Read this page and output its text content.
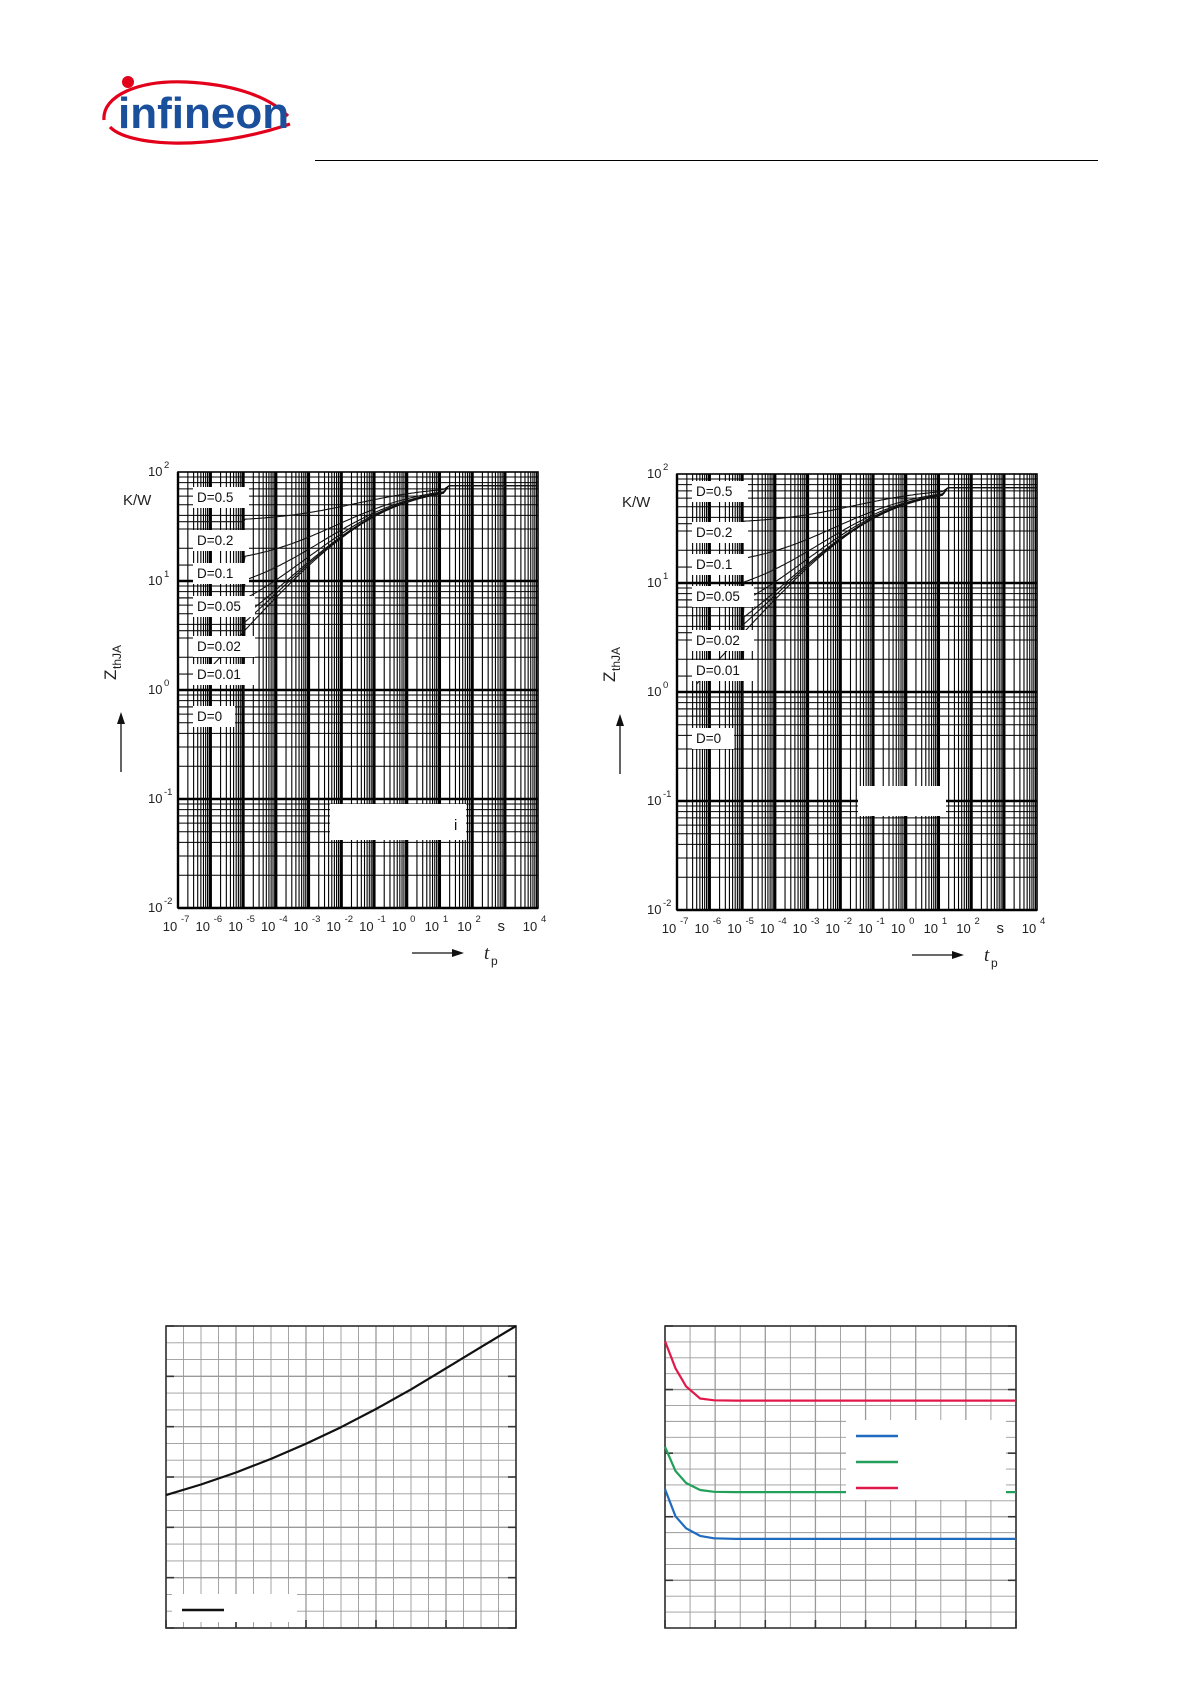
infineon
D=0.5
D=0.2
D=0.1
D=0.05
D=0.02
D=0.01
D=0
10 -7 10 -6 10 -5 10 -4 10 -3 10 -2 10 -1 10 0 10 1 10 2 s 10 4
10 -2
10 -1
10 0
10 1
10 2
K/W
Z
thJA
t p
i
D=0.5
D=0.2
D=0.1
D=0.05
D=0.02
D=0.01
D=0
10 -7 10 -6 10 -5 10 -4 10 -3 10 -2 10 -1 10 0 10 1 10 2 s 10 4
10 -2
10 -1
10 0
10 1
10 2
K/W
Z
thJA
t p
